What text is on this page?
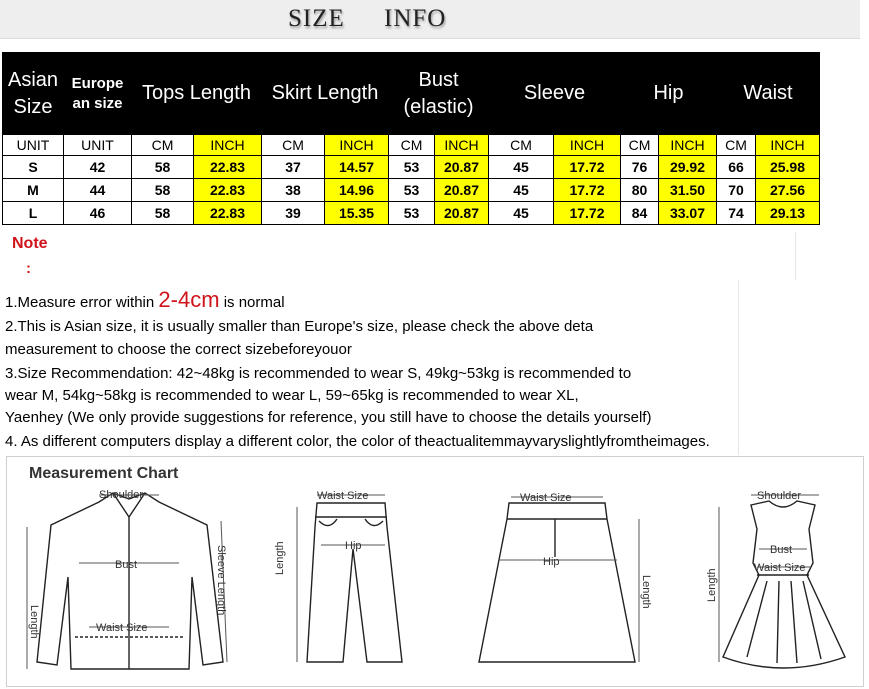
SIZE INFO
Asian Size	Europe an size	Tops Length		Skirt Length		Bust (elastic)		Sleeve		Hip		Waist	
UNIT	UNIT	CM	INCH	CM	INCH	CM	INCH	CM	INCH	CM	INCH	CM	INCH
S	42	58	22.83	37	14.57	53	20.87	45	17.72	76	29.92	66	25.98
M	44	58	22.83	38	14.96	53	20.87	45	17.72	80	31.50	70	27.56
L	46	58	22.83	39	15.35	53	20.87	45	17.72	84	33.07	74	29.13
Note
:
1.Measure error within 2-4cm is normal
2.This is Asian size, it is usually smaller than Europe's size, please check the above deta
measurement to choose the correct sizebeforeyouor
3.Size Recommendation: 42~48kg is recommended to wear S, 49kg~53kg is recommended to
wear M, 54kg~58kg is recommended to wear L, 59~65kg is recommended to wear XL,
Yaenhey (We only provide suggestions for reference, you still have to choose the details yourself)
4. As different computers display a different color, the color of theactualitemmayvaryslightlyfromtheimages.
Measurement Chart
Shoulder
Bust	Sleeve Length
Length	Waist Size
Waist Size
Hip
Length
Waist Size
Hip
Length
Shoulder
Bust
Waist Size
Length
